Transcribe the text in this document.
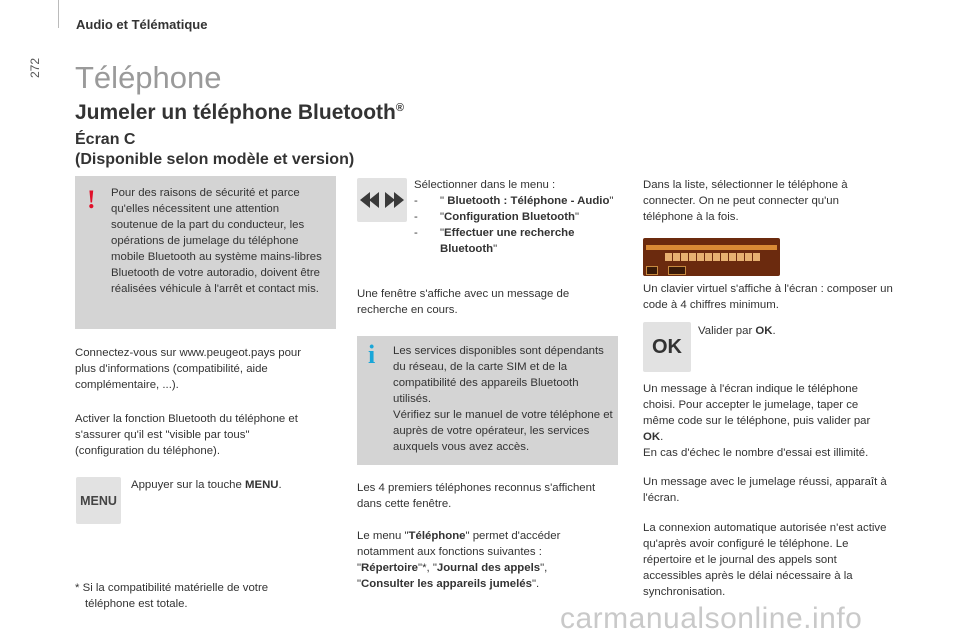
Audio et Télématique
272 Téléphone
Jumeler un téléphone Bluetooth®
Écran C
(Disponible selon modèle et version)
!	Pour des raisons de sécurité et parce qu'elles nécessitent une attention soutenue de la part du conducteur, les opérations de jumelage du téléphone mobile Bluetooth au système mains-libres Bluetooth de votre autoradio, doivent être réalisées véhicule à l'arrêt et contact mis.
Connectez-vous sur www.peugeot.pays pour plus d'informations (compatibilité, aide complémentaire, ...).
Activer la fonction Bluetooth du téléphone et s'assurer qu'il est "visible par tous" (configuration du téléphone).
MENU
Appuyer sur la touche MENU.
* Si la compatibilité matérielle de votre téléphone est totale.
Sélectionner dans le menu :
- " Bluetooth : Téléphone - Audio"
- "Configuration Bluetooth"
- "Effectuer une recherche Bluetooth"
Une fenêtre s'affiche avec un message de recherche en cours.
i Les services disponibles sont dépendants du réseau, de la carte SIM et de la compatibilité des appareils Bluetooth utilisés.
Vérifiez sur le manuel de votre téléphone et auprès de votre opérateur, les services auxquels vous avez accès.
Les 4 premiers téléphones reconnus s'affichent dans cette fenêtre.
Le menu "Téléphone" permet d'accéder notamment aux fonctions suivantes : "Répertoire"*, "Journal des appels", "Consulter les appareils jumelés".
Dans la liste, sélectionner le téléphone à connecter. On ne peut connecter qu'un téléphone à la fois.
Un clavier virtuel s'affiche à l'écran : composer un code à 4 chiffres minimum.
OK
Valider par OK.
Un message à l'écran indique le téléphone choisi. Pour accepter le jumelage, taper ce même code sur le téléphone, puis valider par OK.
En cas d'échec le nombre d'essai est illimité.
Un message avec le jumelage réussi, apparaît à l'écran.
La connexion automatique autorisée n'est active qu'après avoir configuré le téléphone. Le répertoire et le journal des appels sont accessibles après le délai nécessaire à la synchronisation.
carmanualsonline.info
